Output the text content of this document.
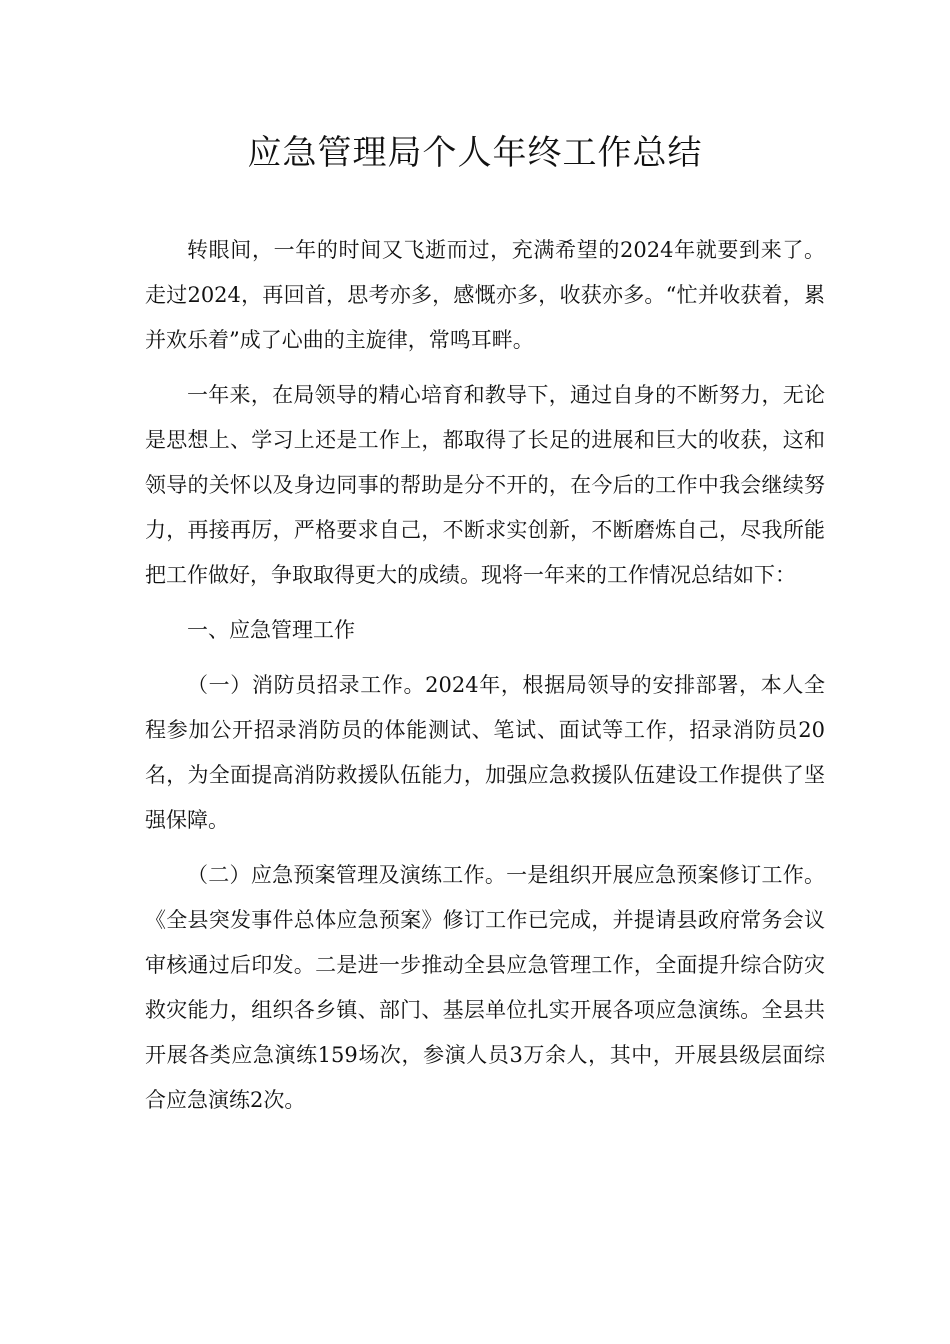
应急管理局个人年终工作总结

转眼间，一年的时间又飞逝而过，充满希望的2024年就要到来了。走过2024，再回首，思考亦多，感慨亦多，收获亦多。“忙并收获着，累并欢乐着”成了心曲的主旋律，常鸣耳畔。

一年来，在局领导的精心培育和教导下，通过自身的不断努力，无论是思想上、学习上还是工作上，都取得了长足的进展和巨大的收获，这和领导的关怀以及身边同事的帮助是分不开的，在今后的工作中我会继续努力，再接再厉，严格要求自己，不断求实创新，不断磨炼自己，尽我所能把工作做好，争取取得更大的成绩。现将一年来的工作情况总结如下：

一、应急管理工作

（一）消防员招录工作。2024年，根据局领导的安排部署，本人全程参加公开招录消防员的体能测试、笔试、面试等工作，招录消防员20名，为全面提高消防救援队伍能力，加强应急救援队伍建设工作提供了坚强保障。

（二）应急预案管理及演练工作。一是组织开展应急预案修订工作。《全县突发事件总体应急预案》修订工作已完成，并提请县政府常务会议审核通过后印发。二是进一步推动全县应急管理工作，全面提升综合防灾救灾能力，组织各乡镇、部门、基层单位扎实开展各项应急演练。全县共开展各类应急演练159场次，参演人员3万余人，其中，开展县级层面综合应急演练2次。
